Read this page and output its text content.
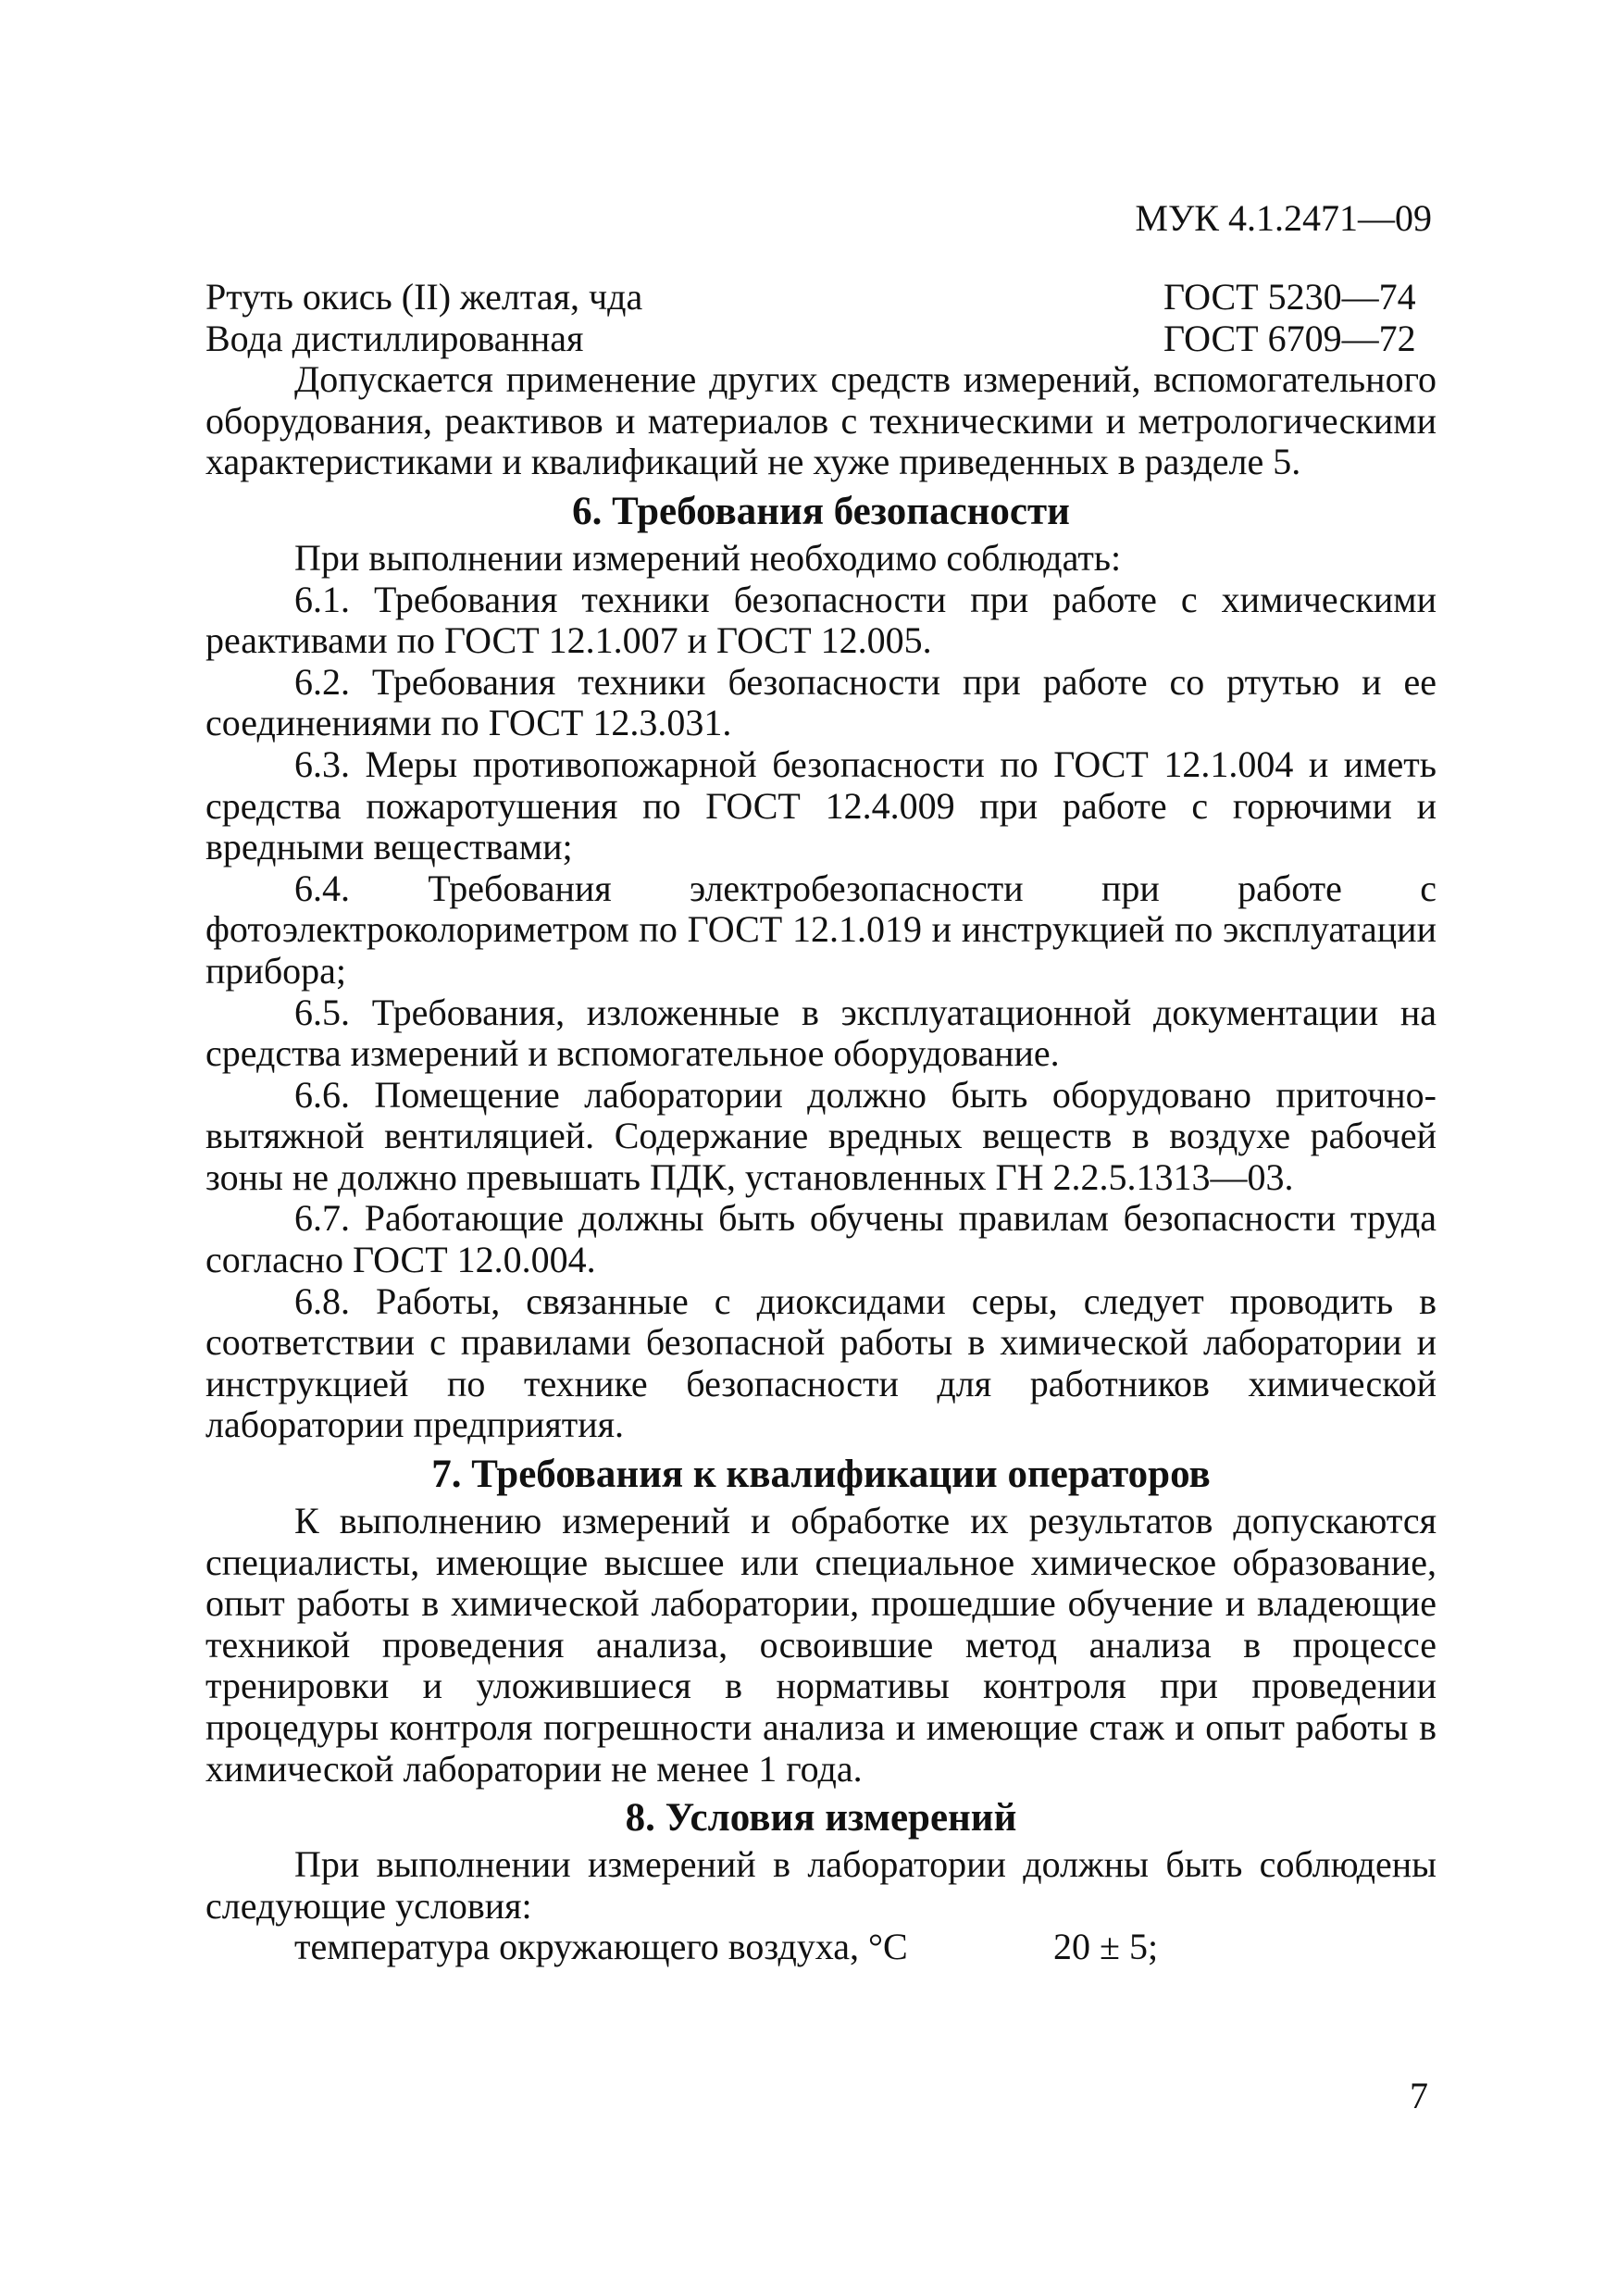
МУК 4.1.2471—09
Ртуть окись (II) желтая, чда	ГОСТ 5230—74
Вода дистиллированная	ГОСТ 6709—72

Допускается применение других средств измерений, вспомогательного оборудования, реактивов и материалов с техническими и метрологическими характеристиками и квалификаций не хуже приведенных в разделе 5.

6. Требования безопасности

При выполнении измерений необходимо соблюдать:

6.1. Требования техники безопасности при работе с химическими реактивами по ГОСТ 12.1.007 и ГОСТ 12.005.

6.2. Требования техники безопасности при работе со ртутью и ее соединениями по ГОСТ 12.3.031.

6.3. Меры противопожарной безопасности по ГОСТ 12.1.004 и иметь средства пожаротушения по ГОСТ 12.4.009 при работе с горючими и вредными веществами;

6.4. Требования электробезопасности при работе с фотоэлектроколориметром по ГОСТ 12.1.019 и инструкцией по эксплуатации прибора;

6.5. Требования, изложенные в эксплуатационной документации на средства измерений и вспомогательное оборудование.

6.6. Помещение лаборатории должно быть оборудовано приточно-вытяжной вентиляцией. Содержание вредных веществ в воздухе рабочей зоны не должно превышать ПДК, установленных ГН 2.2.5.1313—03.

6.7. Работающие должны быть обучены правилам безопасности труда согласно ГОСТ 12.0.004.

6.8. Работы, связанные с диоксидами серы, следует проводить в соответствии с правилами безопасной работы в химической лаборатории и инструкцией по технике безопасности для работников химической лаборатории предприятия.

7. Требования к квалификации операторов

К выполнению измерений и обработке их результатов допускаются специалисты, имеющие высшее или специальное химическое образование, опыт работы в химической лаборатории, прошедшие обучение и владеющие техникой проведения анализа, освоившие метод анализа в процессе тренировки и уложившиеся в нормативы контроля при проведении процедуры контроля погрешности анализа и имеющие стаж и опыт работы в химической лаборатории не менее 1 года.

8. Условия измерений

При выполнении измерений в лаборатории должны быть соблюдены следующие условия:

температура окружающего воздуха, °С	20 ± 5;
7
